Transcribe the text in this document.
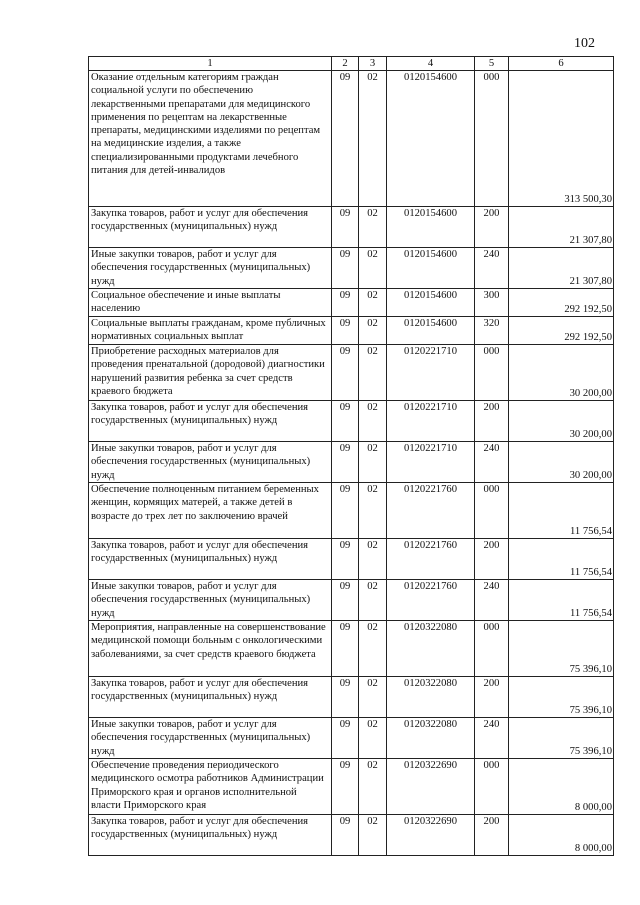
102
1	2	3	4	5	6
Оказание отдельным категориям граждан социальной услуги по обеспечению лекарственными препаратами для медицинского применения по рецептам на лекарственные препараты, медицинскими изделиями по рецептам на медицинские изделия, а также специализированными продуктами лечебного питания для детей-инвалидов	09	02	0120154600	000	313 500,30
Закупка товаров, работ и услуг для обеспечения государственных (муниципальных) нужд	09	02	0120154600	200	21 307,80
Иные закупки товаров, работ и услуг для обеспечения государственных (муниципальных) нужд	09	02	0120154600	240	21 307,80
Социальное обеспечение и иные выплаты населению	09	02	0120154600	300	292 192,50
Социальные выплаты гражданам, кроме публичных нормативных социальных выплат	09	02	0120154600	320	292 192,50
Приобретение расходных материалов для проведения пренатальной (дородовой) диагностики нарушений развития ребенка за счет средств краевого бюджета	09	02	0120221710	000	30 200,00
Закупка товаров, работ и услуг для обеспечения государственных (муниципальных) нужд	09	02	0120221710	200	30 200,00
Иные закупки товаров, работ и услуг для обеспечения государственных (муниципальных) нужд	09	02	0120221710	240	30 200,00
Обеспечение полноценным питанием беременных женщин, кормящих матерей, а также детей в возрасте до трех лет по заключению врачей	09	02	0120221760	000	11 756,54
Закупка товаров, работ и услуг для обеспечения государственных (муниципальных) нужд	09	02	0120221760	200	11 756,54
Иные закупки товаров, работ и услуг для обеспечения государственных (муниципальных) нужд	09	02	0120221760	240	11 756,54
Мероприятия, направленные на совершенствование медицинской помощи больным с онкологическими заболеваниями, за счет средств краевого бюджета	09	02	0120322080	000	75 396,10
Закупка товаров, работ и услуг для обеспечения государственных (муниципальных) нужд	09	02	0120322080	200	75 396,10
Иные закупки товаров, работ и услуг для обеспечения государственных (муниципальных) нужд	09	02	0120322080	240	75 396,10
Обеспечение проведения периодического медицинского осмотра работников Администрации Приморского края и органов исполнительной власти Приморского края	09	02	0120322690	000	8 000,00
Закупка товаров, работ и услуг для обеспечения государственных (муниципальных) нужд	09	02	0120322690	200	8 000,00
